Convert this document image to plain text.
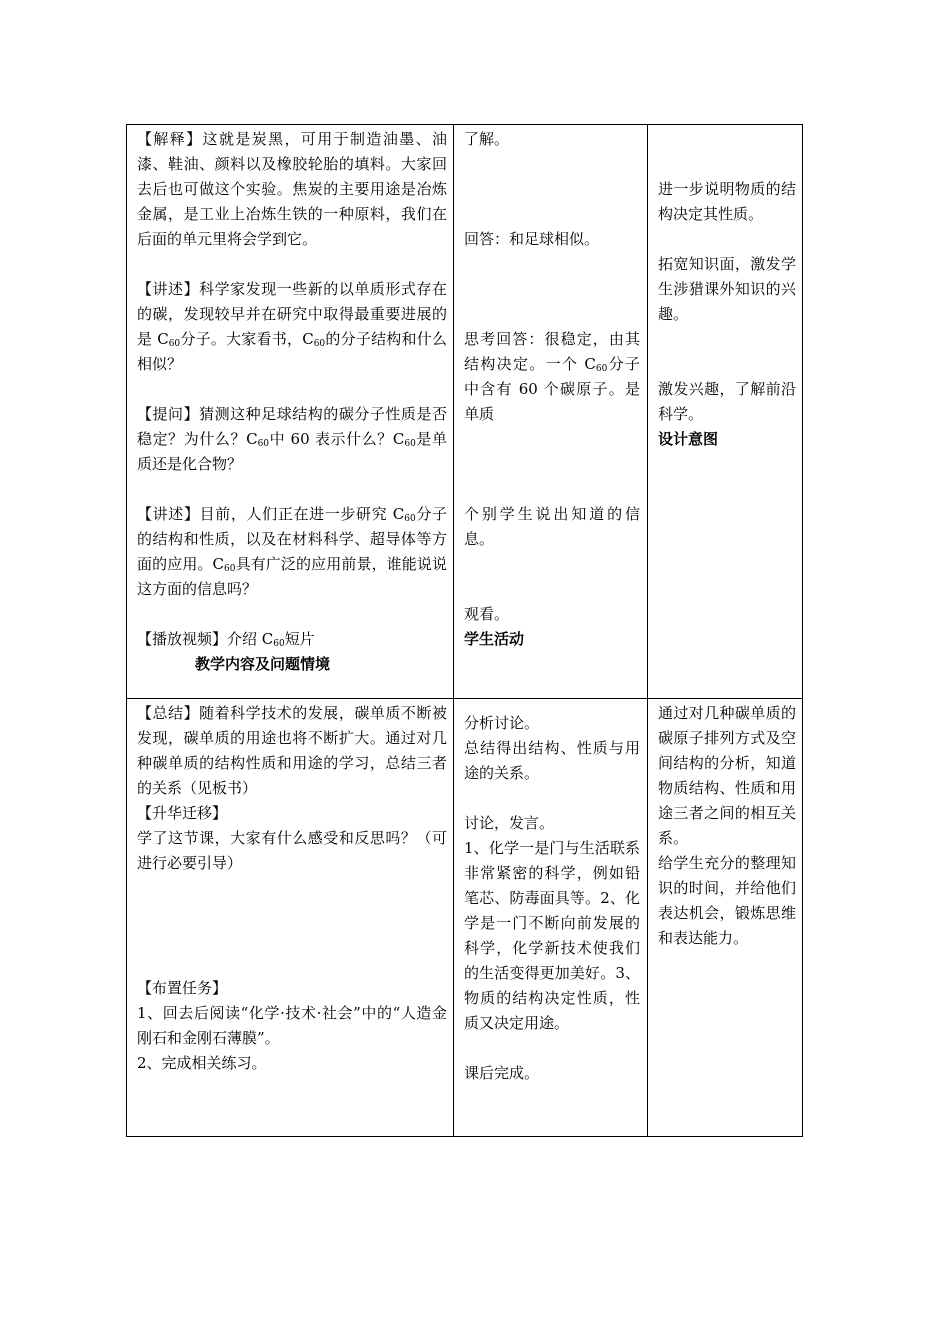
【解释】这就是炭黑，可用于制造油墨、油漆、鞋油、颜料以及橡胶轮胎的填料。大家回去后也可做这个实验。焦炭的主要用途是冶炼金属，是工业上冶炼生铁的一种原料，我们在后面的单元里将会学到它。

【讲述】科学家发现一些新的以单质形式存在的碳，发现较早并在研究中取得最重要进展的是 $C_{60}$分子。大家看书，$C_{60}$的分子结构和什么相似？

【提问】猜测这种足球结构的碳分子性质是否稳定？为什么？$C_{60}$中 60 表示什么？$C_{60}$是单质还是化合物？

【讲述】目前，人们正在进一步研究 $C_{60}$分子的结构和性质，以及在材料科学、超导体等方面的应用。$C_{60}$具有广泛的应用前景，谁能说说这方面的信息吗？

【播放视频】介绍 $C_{60}$短片

教学内容及问题情境

了解。

回答：和足球相似。

思考回答：很稳定，由其结构决定。一个 $C_{60}$分子中含有 60 个碳原子。是单质

个别学生说出知道的信息。

观看。

学生活动

进一步说明物质的结构决定其性质。

拓宽知识面，激发学生涉猎课外知识的兴趣。

激发兴趣，了解前沿科学。

设计意图

【总结】随着科学技术的发展，碳单质不断被发现，碳单质的用途也将不断扩大。通过对几种碳单质的结构性质和用途的学习，总结三者的关系（见板书）

【升华迁移】

学了这节课，大家有什么感受和反思吗？（可进行必要引导）

【布置任务】

1、回去后阅读“化学·技术·社会”中的“人造金刚石和金刚石薄膜”。

2、完成相关练习。

分析讨论。

总结得出结构、性质与用途的关系。

讨论，发言。

1、化学一是门与生活联系非常紧密的科学，例如铅笔芯、防毒面具等。2、化学是一门不断向前发展的科学，化学新技术使我们的生活变得更加美好。3、物质的结构决定性质，性质又决定用途。

课后完成。

通过对几种碳单质的碳原子排列方式及空间结构的分析，知道物质结构、性质和用途三者之间的相互关系。

给学生充分的整理知识的时间，并给他们表达机会，锻炼思维和表达能力。
